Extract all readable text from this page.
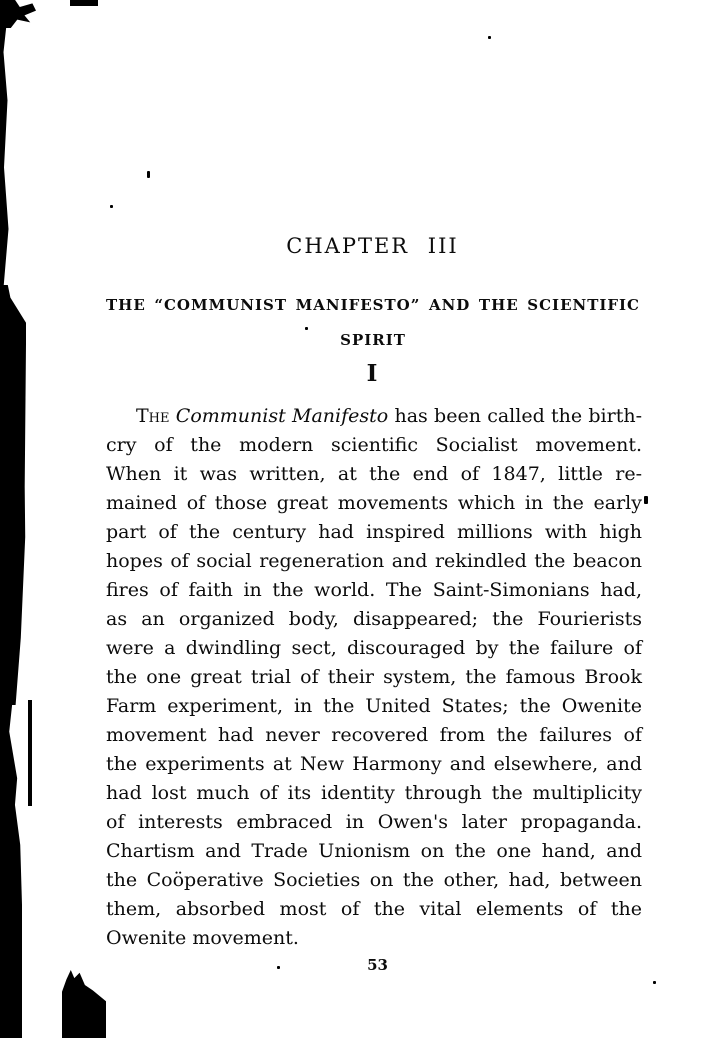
CHAPTER III
THE “COMMUNIST MANIFESTO” AND THE SCIENTIFIC
SPIRIT
I
The Communist Manifesto has been called the birth-
cry of the modern scientific Socialist movement.
When it was written, at the end of 1847, little re-
mained of those great movements which in the early
part of the century had inspired millions with high
hopes of social regeneration and rekindled the beacon
fires of faith in the world. The Saint-Simonians had,
as an organized body, disappeared; the Fourierists
were a dwindling sect, discouraged by the failure of
the one great trial of their system, the famous Brook
Farm experiment, in the United States; the Owenite
movement had never recovered from the failures of
the experiments at New Harmony and elsewhere, and
had lost much of its identity through the multiplicity
of interests embraced in Owen's later propaganda.
Chartism and Trade Unionism on the one hand, and
the Coöperative Societies on the other, had, between
them, absorbed most of the vital elements of the
Owenite movement.
53
